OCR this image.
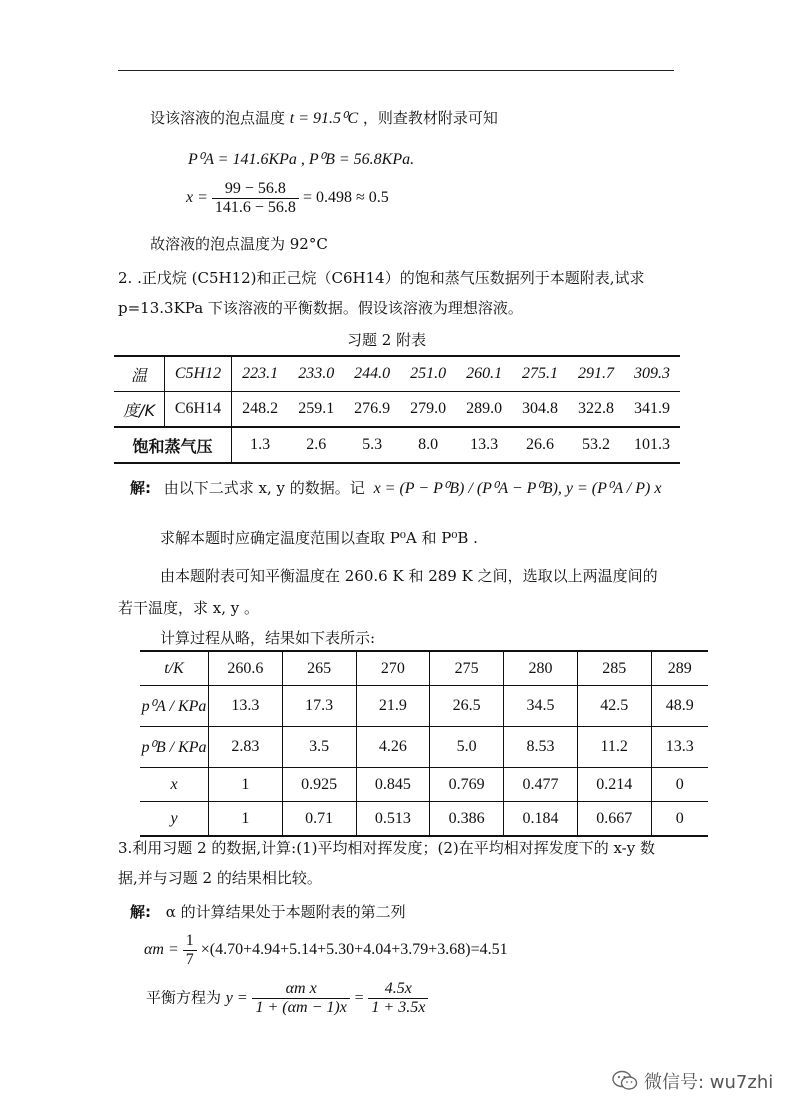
设该溶液的泡点温度 t = 91.5⁰C ，则查教材附录可知
P⁰A = 141.6KPa , P⁰B = 56.8KPa.
$x = \frac{99 - 56.8}{141.6 - 56.8} = 0.498 \approx 0.5$
故溶液的泡点温度为 92°C
2. .正戊烷 (C5H12)和正己烷（C6H14）的饱和蒸气压数据列于本题附表,试求
p=13.3KPa 下该溶液的平衡数据。假设该溶液为理想溶液。
习题 2 附表
温	C5H12	223.1	233.0	244.0	251.0	260.1	275.1	291.7	309.3
度/K	C6H14	248.2	259.1	276.9	279.0	289.0	304.8	322.8	341.9
饱和蒸气压		1.3	2.6	5.3	8.0	13.3	26.6	53.2	101.3
解: 由以下二式求 x, y 的数据。记 x = (P − P⁰B) / (P⁰A − P⁰B), y = (P⁰A / P) x
求解本题时应确定温度范围以查取 P⁰A 和 P⁰B .
由本题附表可知平衡温度在 260.6 K 和 289 K 之间，选取以上两温度间的
若干温度，求 x, y 。
计算过程从略，结果如下表所示:
t/K	260.6	265	270	275	280	285	289
p⁰A / KPa	13.3	17.3	21.9	26.5	34.5	42.5	48.9
p⁰B / KPa	2.83	3.5	4.26	5.0	8.53	11.2	13.3
x	1	0.925	0.845	0.769	0.477	0.214	0
y	1	0.71	0.513	0.386	0.184	0.667	0
3.利用习题 2 的数据,计算:(1)平均相对挥发度；(2)在平均相对挥发度下的 x-y 数
据,并与习题 2 的结果相比较。
解: α 的计算结果处于本题附表的第二列
$\alpha m = \frac{1}{7} \times(4.70+4.94+5.14+5.30+4.04+3.79+3.68)=4.51$
平衡方程为 $y = \frac{\text{αm x}}{1 + (\alpha m - 1)x} = \frac{4.5x}{1 + 3.5x}$
微信号: wu7zhi
